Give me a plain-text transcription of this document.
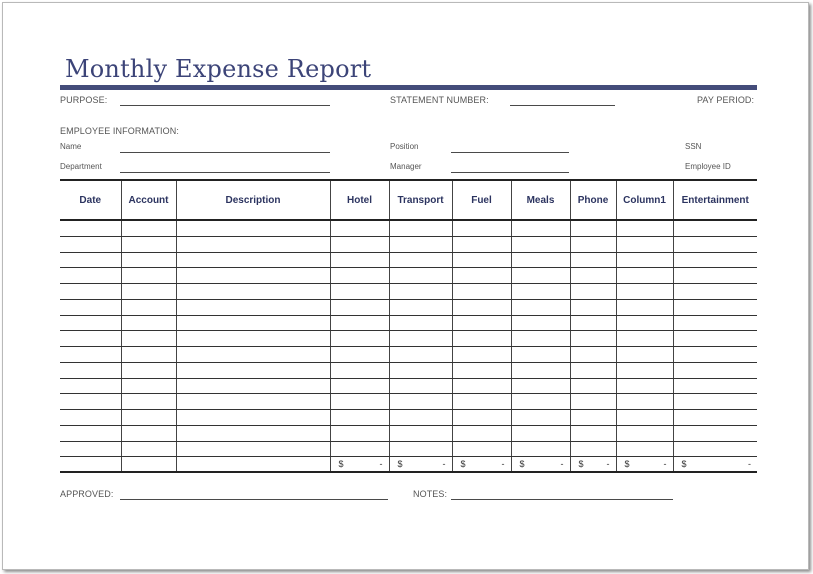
Monthly Expense Report
PURPOSE:	STATEMENT NUMBER:	PAY PERIOD:
EMPLOYEE INFORMATION:
Name	Position	SSN
Department	Manager	Employee ID
Date	Account	Description	Hotel	Transport	Fuel	Meals	Phone	Column1	Entertainment

			$ -	$ -	$ -	$ -	$ -	$ -	$ -
APPROVED:	NOTES:
